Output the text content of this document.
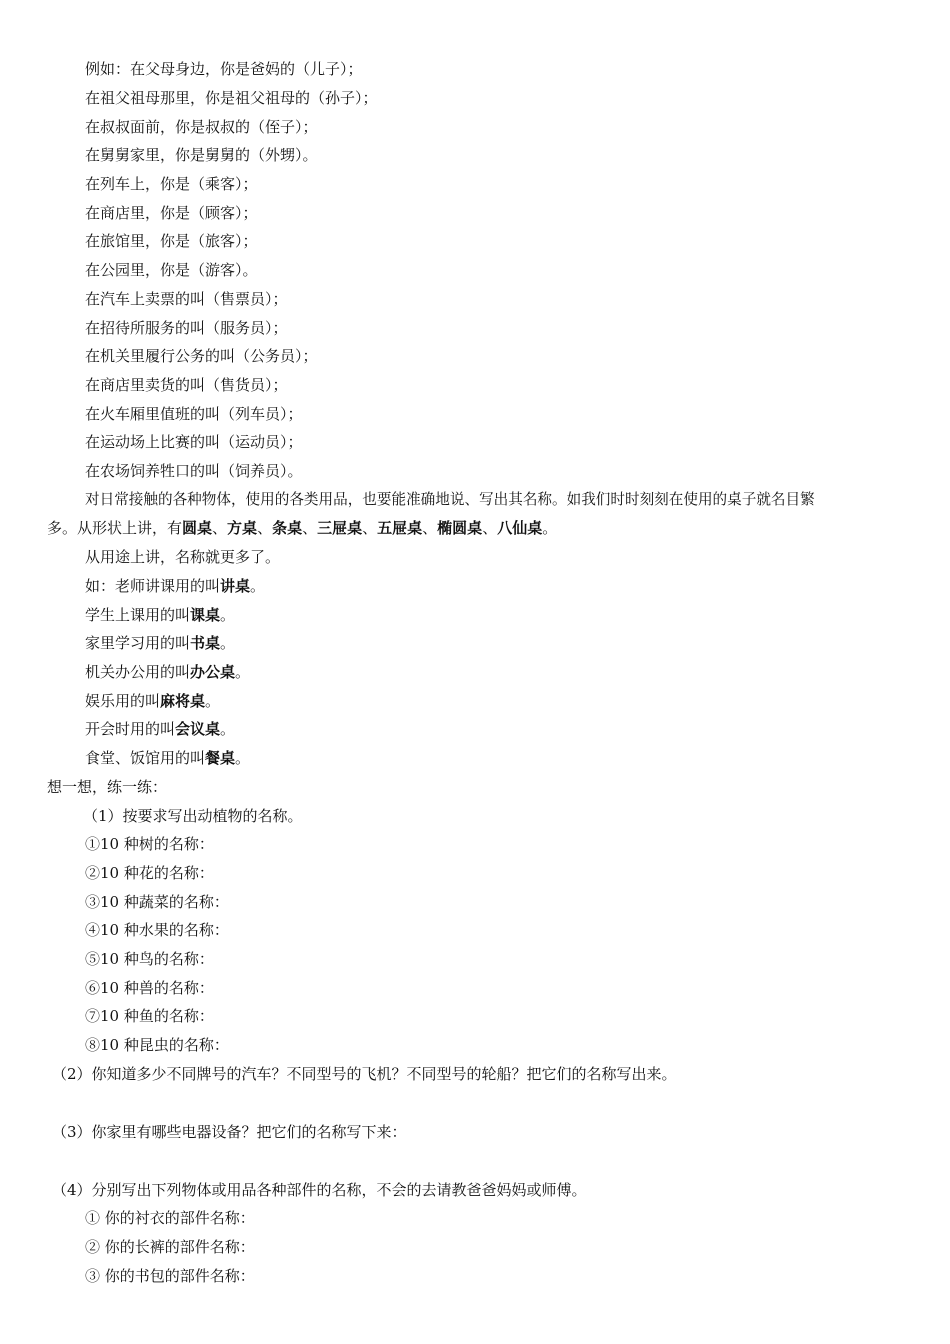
例如：在父母身边，你是爸妈的（儿子）；
在祖父祖母那里，你是祖父祖母的（孙子）；
在叔叔面前，你是叔叔的（侄子）；
在舅舅家里，你是舅舅的（外甥）。
在列车上，你是（乘客）；
在商店里，你是（顾客）；
在旅馆里，你是（旅客）；
在公园里，你是（游客）。
在汽车上卖票的叫（售票员）；
在招待所服务的叫（服务员）；
在机关里履行公务的叫（公务员）；
在商店里卖货的叫（售货员）；
在火车厢里值班的叫（列车员）；
在运动场上比赛的叫（运动员）；
在农场饲养牲口的叫（饲养员）。
对日常接触的各种物体，使用的各类用品，也要能准确地说、写出其名称。如我们时时刻刻在使用的桌子就名目繁
多。从形状上讲，有圆桌、方桌、条桌、三屉桌、五屉桌、椭圆桌、八仙桌。
从用途上讲，名称就更多了。
如：老师讲课用的叫讲桌。
学生上课用的叫课桌。
家里学习用的叫书桌。
机关办公用的叫办公桌。
娱乐用的叫麻将桌。
开会时用的叫会议桌。
食堂、饭馆用的叫餐桌。
想一想，练一练：
（1）按要求写出动植物的名称。
①10 种树的名称：
②10 种花的名称：
③10 种蔬菜的名称：
④10 种水果的名称：
⑤10 种鸟的名称：
⑥10 种兽的名称：
⑦10 种鱼的名称：
⑧10 种昆虫的名称：
（2）你知道多少不同牌号的汽车？不同型号的飞机？不同型号的轮船？把它们的名称写出来。
（3）你家里有哪些电器设备？把它们的名称写下来：
（4）分别写出下列物体或用品各种部件的名称，不会的去请教爸爸妈妈或师傅。
① 你的衬衣的部件名称：
② 你的长裤的部件名称：
③ 你的书包的部件名称：
